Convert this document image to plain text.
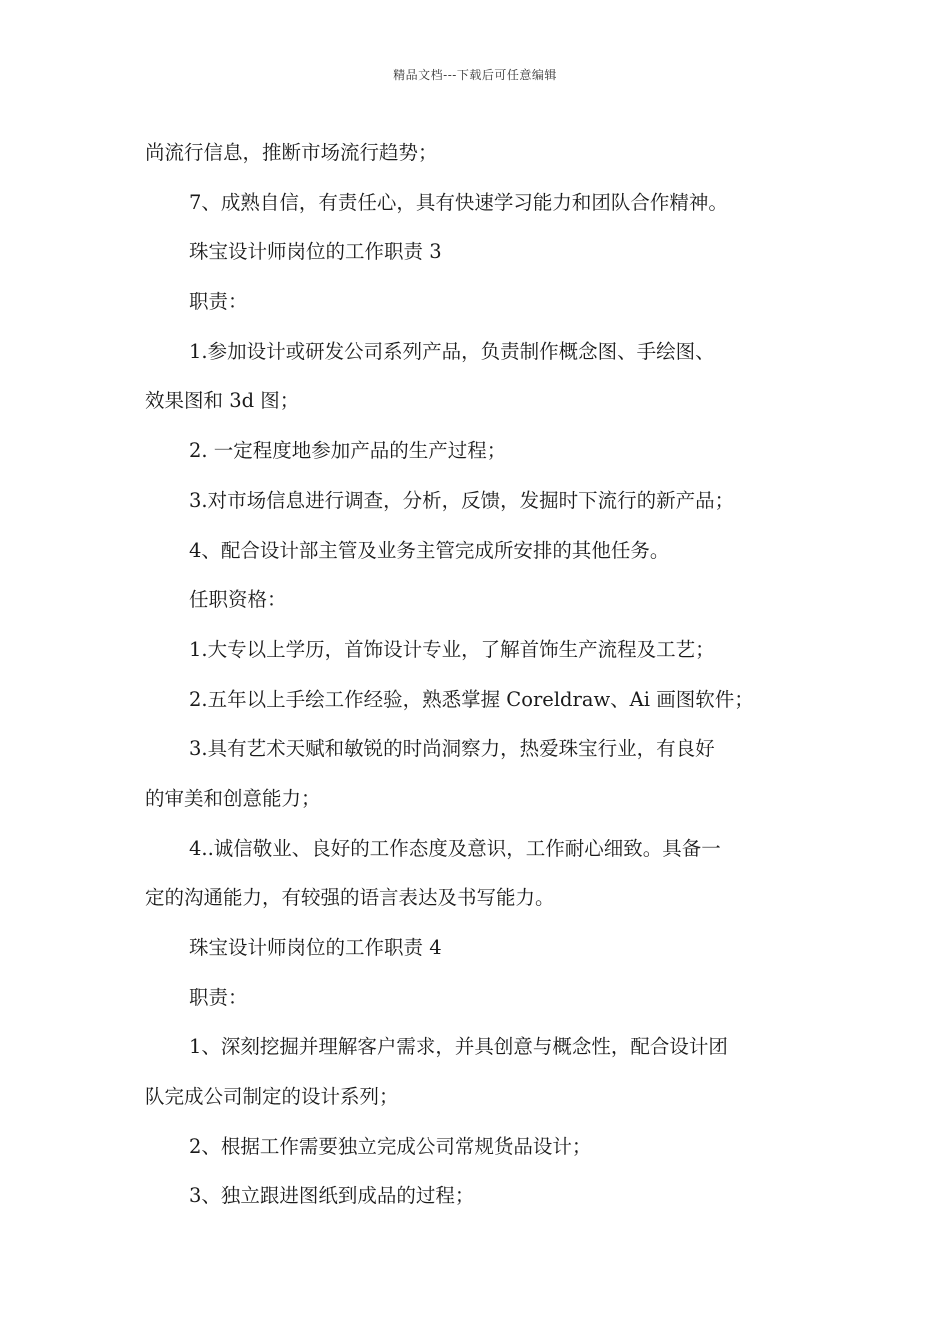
精品文档---下载后可任意编辑
尚流行信息，推断市场流行趋势；
7、成熟自信，有责任心，具有快速学习能力和团队合作精神。
珠宝设计师岗位的工作职责 3
职责：
1.参加设计或研发公司系列产品，负责制作概念图、手绘图、
效果图和 3d 图；
2. 一定程度地参加产品的生产过程；
3.对市场信息进行调查，分析，反馈，发掘时下流行的新产品；
4、配合设计部主管及业务主管完成所安排的其他任务。
任职资格：
1.大专以上学历，首饰设计专业，了解首饰生产流程及工艺；
2.五年以上手绘工作经验，熟悉掌握 Coreldraw、Ai 画图软件；
3.具有艺术天赋和敏锐的时尚洞察力，热爱珠宝行业，有良好
的审美和创意能力；
4..诚信敬业、良好的工作态度及意识，工作耐心细致。具备一
定的沟通能力，有较强的语言表达及书写能力。
珠宝设计师岗位的工作职责 4
职责：
1、深刻挖掘并理解客户需求，并具创意与概念性，配合设计团
队完成公司制定的设计系列；
2、根据工作需要独立完成公司常规货品设计；
3、独立跟进图纸到成品的过程；
